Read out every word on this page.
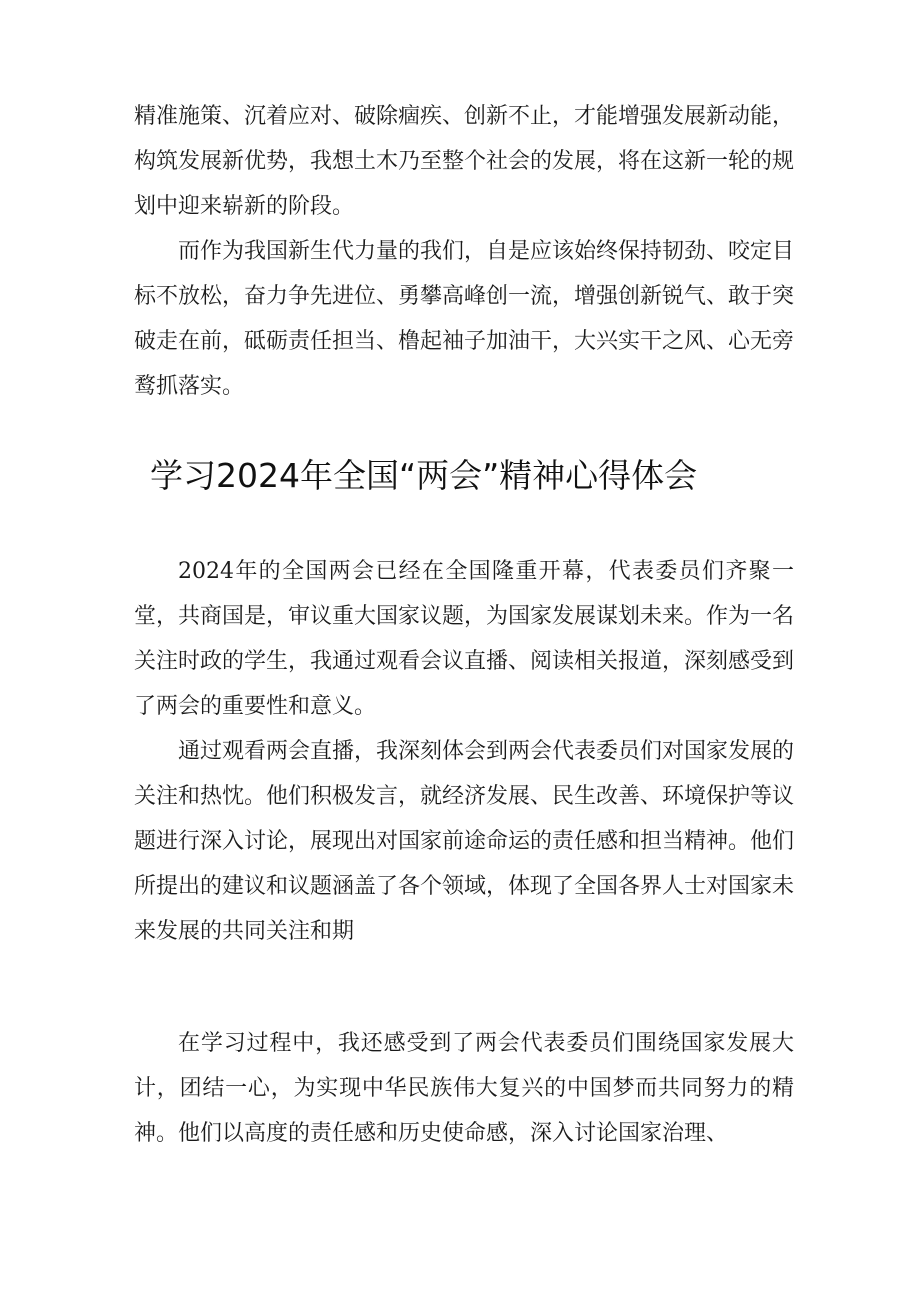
精准施策、沉着应对、破除痼疾、创新不止，才能增强发展新动能，构筑发展新优势，我想土木乃至整个社会的发展，将在这新一轮的规划中迎来崭新的阶段。

而作为我国新生代力量的我们，自是应该始终保持韧劲、咬定目标不放松，奋力争先进位、勇攀高峰创一流，增强创新锐气、敢于突破走在前，砥砺责任担当、橹起袖子加油干，大兴实干之风、心无旁鹜抓落实。

学习2024年全国“两会”精神心得体会

2024年的全国两会已经在全国隆重开幕，代表委员们齐聚一堂，共商国是，审议重大国家议题，为国家发展谋划未来。作为一名关注时政的学生，我通过观看会议直播、阅读相关报道，深刻感受到了两会的重要性和意义。

通过观看两会直播，我深刻体会到两会代表委员们对国家发展的关注和热忱。他们积极发言，就经济发展、民生改善、环境保护等议题进行深入讨论，展现出对国家前途命运的责任感和担当精神。他们所提出的建议和议题涵盖了各个领域，体现了全国各界人士对国家未来发展的共同关注和期

在学习过程中，我还感受到了两会代表委员们围绕国家发展大计，团结一心，为实现中华民族伟大复兴的中国梦而共同努力的精神。他们以高度的责任感和历史使命感，深入讨论国家治理、
